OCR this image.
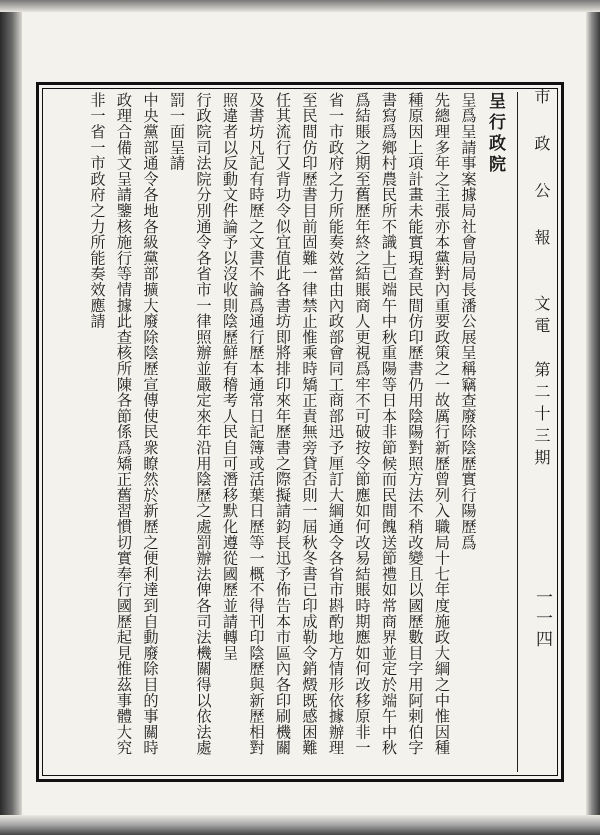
市 政 公 報　　文電　第二十三期
一一四
呈行政院
呈爲呈請事案據局社會局局長潘公展呈稱竊查廢除陰歷實行陽歷爲
先總理多年之主張亦本黨對內重要政策之一故厲行新歷曾列入職局十七年度施政大綱之中惟因種
種原因上項計畫未能實現查民間仿印歷書仍用陰陽對照方法不稍改變且以國歷數目字用阿剌伯字
書寫爲鄉村農民所不識上已端午中秋重陽等日本非節候而民間餽送節禮如常商界並定於端午中秋
爲結賬之期至舊歷年終之結賬商人更視爲牢不可破按令節應如何改易結賬時期應如何改移原非一
省一市政府之力所能奏效當由內政部會同工商部迅予厘訂大綱通令各省市斟酌地方情形依據辦理
至民間仿印歷書目前固難一律禁止惟乘時矯正責無旁貸否則一屆秋冬書已印成勒令銷燬既感困難
任其流行又背功令似宜值此各書坊即將排印來年歷書之際擬請鈞長迅予佈告本市區內各印刷機關
及書坊凡記有時歷之文書不論爲通行歷本通常日記簿或活葉日歷等一概不得刊印陰歷與新歷相對
照違者以反動文件論予以沒收則陰歷鮮有稽考人民自可潛移默化遵從國歷並請轉呈
行政院司法院分別通令各省市一律照辦並嚴定來年沿用陰歷之處罰辦法俾各司法機關得以依法處
罰一面呈請
中央黨部通令各地各級黨部擴大廢除陰歷宣傳使民衆瞭然於新歷之便利達到自動廢除目的事關時
政理合備文呈請鑒核施行等情據此查核所陳各節係爲矯正舊習慣切實奉行國歷起見惟茲事體大究
非一省一市政府之力所能奏效應請
